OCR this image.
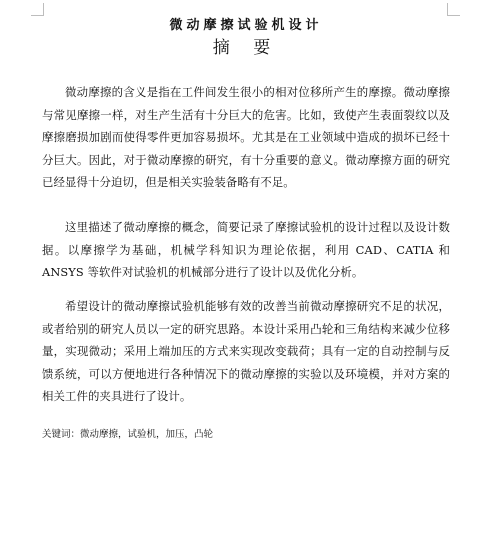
微动摩擦试验机设计
摘 要

微动摩擦的含义是指在工件间发生很小的相对位移所产生的摩擦。微动摩擦与常见摩擦一样，对生产生活有十分巨大的危害。比如，致使产生表面裂纹以及摩擦磨损加剧而使得零件更加容易损坏。尤其是在工业领域中造成的损坏已经十分巨大。因此，对于微动摩擦的研究，有十分重要的意义。微动摩擦方面的研究已经显得十分迫切，但是相关实验装备略有不足。

这里描述了微动摩擦的概念，简要记录了摩擦试验机的设计过程以及设计数据。以摩擦学为基础，机械学科知识为理论依据，利用 CAD、CATIA 和 ANSYS 等软件对试验机的机械部分进行了设计以及优化分析。

希望设计的微动摩擦试验机能够有效的改善当前微动摩擦研究不足的状况，或者给别的研究人员以一定的研究思路。本设计采用凸轮和三角结构来减少位移量，实现微动；采用上端加压的方式来实现改变载荷；具有一定的自动控制与反馈系统，可以方便地进行各种情况下的微动摩擦的实验以及环境模，并对方案的相关工件的夹具进行了设计。

关键词：微动摩擦，试验机，加压，凸轮
